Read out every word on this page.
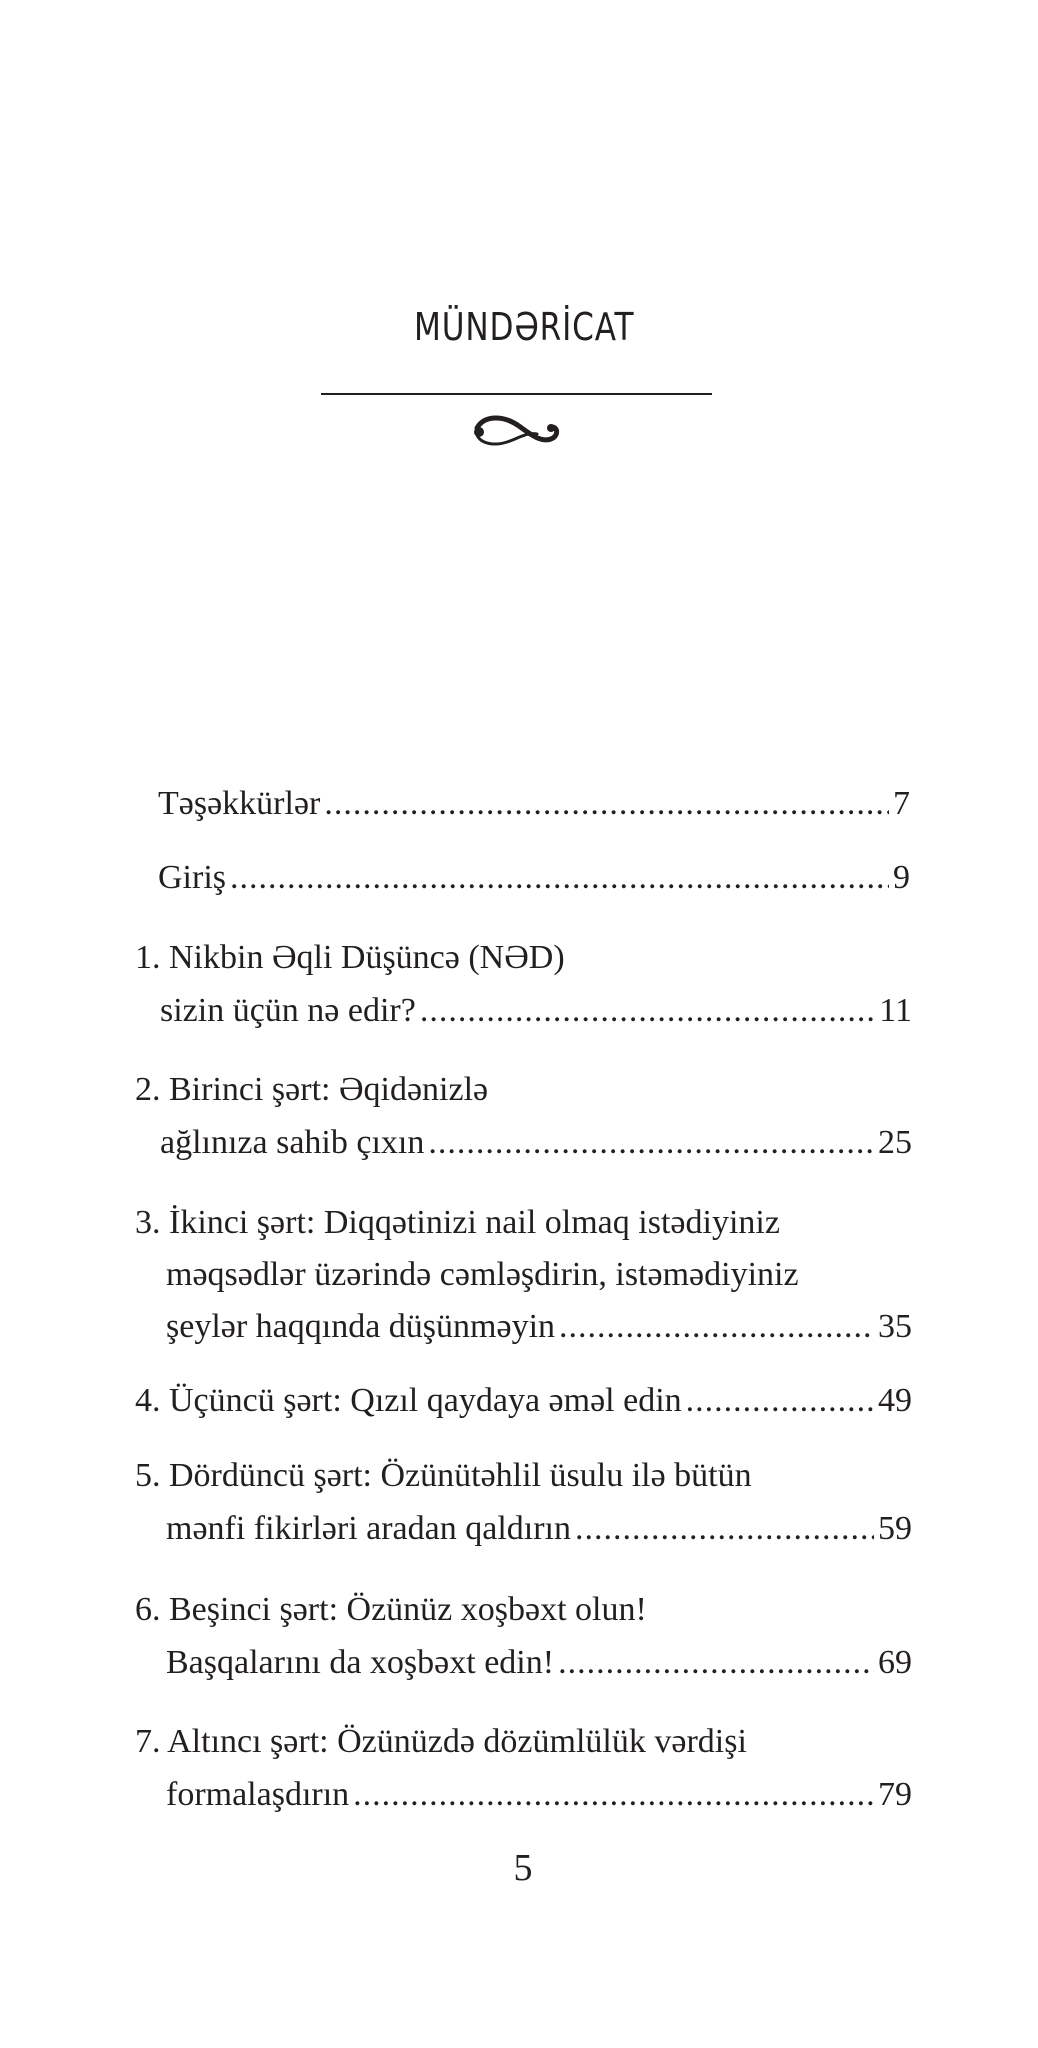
MÜNDƏRİCAT
Təşəkkürlər .....	7
Giriş .....	9
1. Nikbin Əqli Düşüncə (NƏD)
sizin üçün nə edir? .....	11
2. Birinci şərt: Əqidənizlə
ağlınıza sahib çıxın .....	25
3. İkinci şərt: Diqqətinizi nail olmaq istədiyiniz
məqsədlər üzərində cəmləşdirin, istəmədiyiniz
şeylər haqqında düşünməyin .....	35
4. Üçüncü şərt: Qızıl qaydaya əməl edin .....	49
5. Dördüncü şərt: Özünütəhlil üsulu ilə bütün
mənfi fikirləri aradan qaldırın .....	59
6. Beşinci şərt: Özünüz xoşbəxt olun!
Başqalarını da xoşbəxt edin! .....	69
7. Altıncı şərt: Özünüzdə dözümlülük vərdişi
formalaşdırın .....	79
5
